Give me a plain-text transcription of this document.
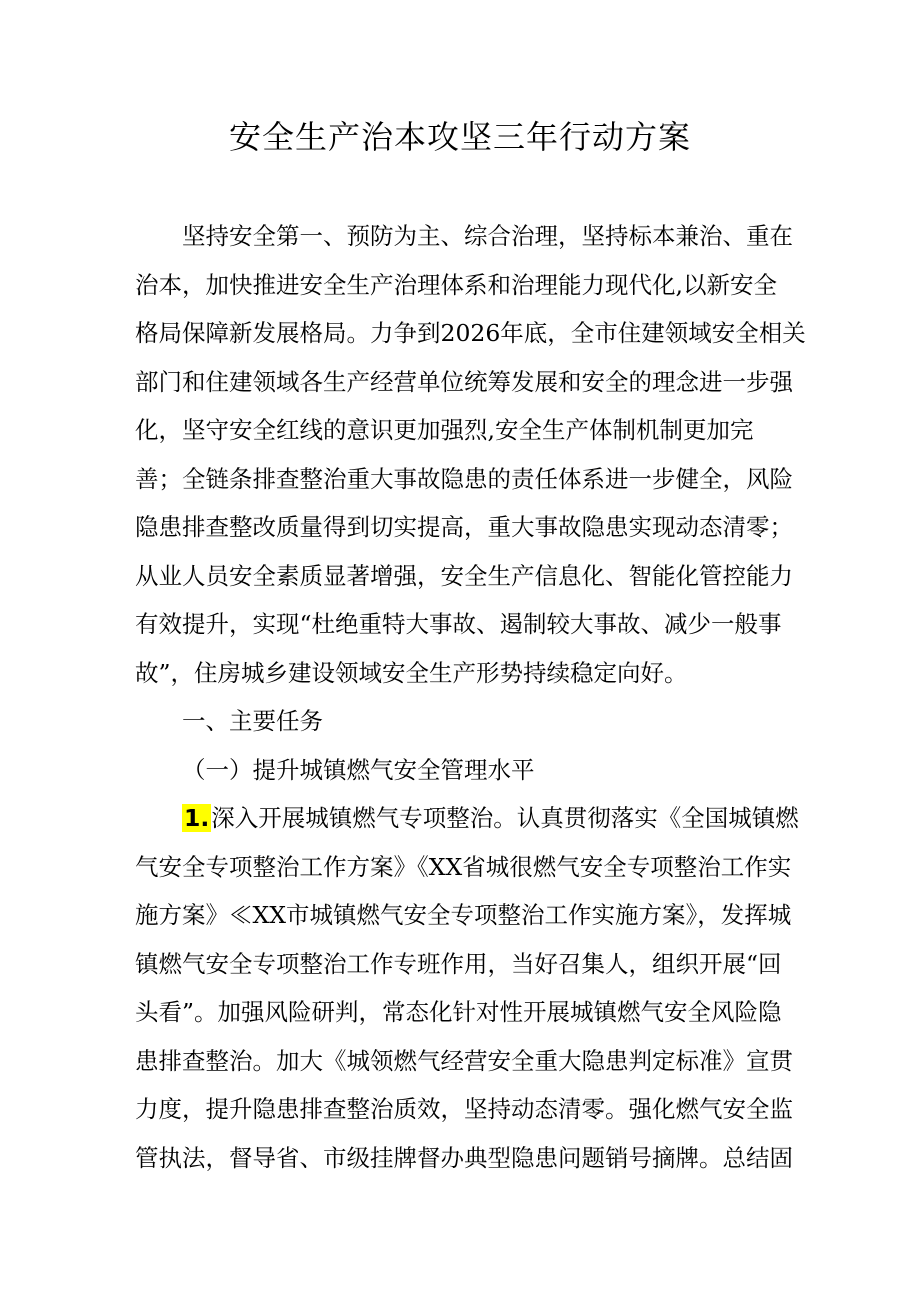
安全生产治本攻坚三年行动方案
坚持安全第一、预防为主、综合治理，坚持标本兼治、重在
治本，加快推进安全生产治理体系和治理能力现代化,以新安全
格局保障新发展格局。力争到2026年底，全市住建领域安全相关
部门和住建领域各生产经营单位统筹发展和安全的理念进一步强
化，坚守安全红线的意识更加强烈,安全生产体制机制更加完
善；全链条排查整治重大事故隐患的责任体系进一步健全，风险
隐患排查整改质量得到切实提高，重大事故隐患实现动态清零；
从业人员安全素质显著增强，安全生产信息化、智能化管控能力
有效提升，实现“杜绝重特大事故、遏制较大事故、减少一般事
故”，住房城乡建设领域安全生产形势持续稳定向好。
一、主要任务
（一）提升城镇燃气安全管理水平
1.深入开展城镇燃气专项整治。认真贯彻落实《全国城镇燃
气安全专项整治工作方案》《XX省城很燃气安全专项整治工作实
施方案》≪XX市城镇燃气安全专项整治工作实施方案》，发挥城
镇燃气安全专项整治工作专班作用，当好召集人，组织开展“回
头看”。加强风险研判，常态化针对性开展城镇燃气安全风险隐
患排查整治。加大《城领燃气经营安全重大隐患判定标准》宣贯
力度，提升隐患排查整治质效，坚持动态清零。强化燃气安全监
管执法，督导省、市级挂牌督办典型隐患问题销号摘牌。总结固
